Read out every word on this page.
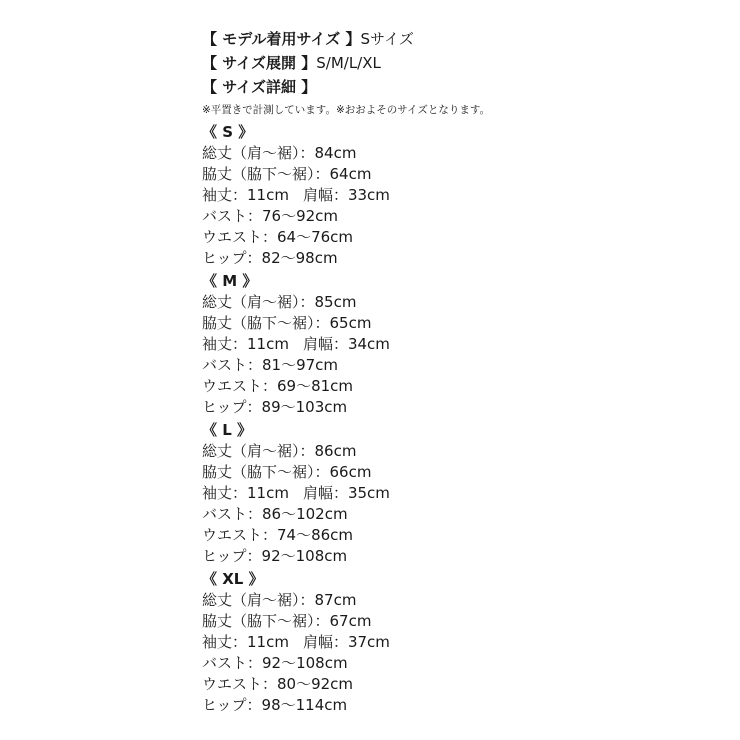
【 モデル着用サイズ 】Sサイズ
【 サイズ展開 】S/M/L/XL
【 サイズ詳細 】
※平置きで計測しています。※おおよそのサイズとなります。
《 S 》
総丈（肩〜裾）：84cm
脇丈（脇下〜裾）：64cm
袖丈：11cm 肩幅：33cm
バスト：76〜92cm
ウエスト：64〜76cm
ヒップ：82〜98cm
《 M 》
総丈（肩〜裾）：85cm
脇丈（脇下〜裾）：65cm
袖丈：11cm 肩幅：34cm
バスト：81〜97cm
ウエスト：69〜81cm
ヒップ：89〜103cm
《 L 》
総丈（肩〜裾）：86cm
脇丈（脇下〜裾）：66cm
袖丈：11cm 肩幅：35cm
バスト：86〜102cm
ウエスト：74〜86cm
ヒップ：92〜108cm
《 XL 》
総丈（肩〜裾）：87cm
脇丈（脇下〜裾）：67cm
袖丈：11cm 肩幅：37cm
バスト：92〜108cm
ウエスト：80〜92cm
ヒップ：98〜114cm
